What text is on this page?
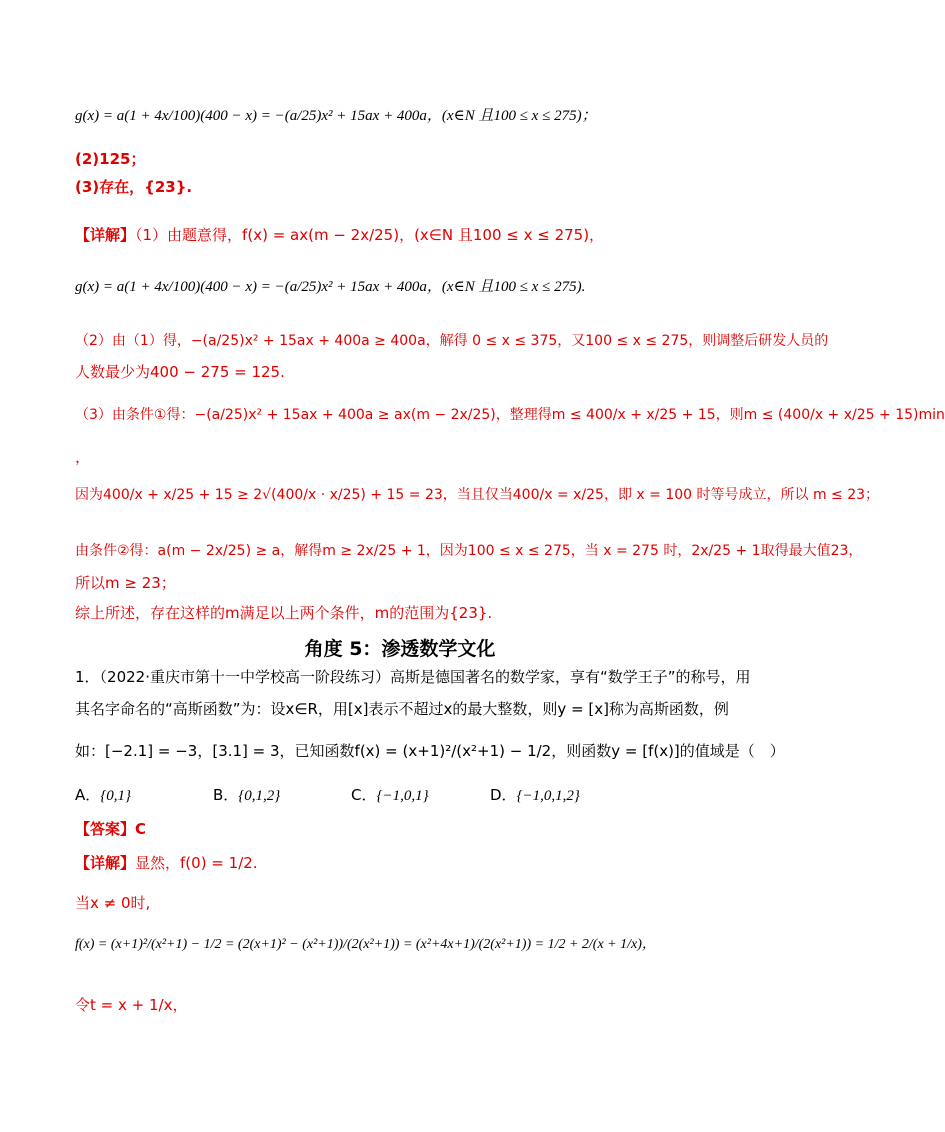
g(x) = a(1 + 4x/100)(400 − x) = −(a/25)x² + 15ax + 400a，(x∈N 且100 ≤ x ≤ 275)；
(2)125；
(3)存在，{23}.
【详解】（1）由题意得，f(x) = ax(m − 2x/25)，(x∈N 且100 ≤ x ≤ 275)，
g(x) = a(1 + 4x/100)(400 − x) = −(a/25)x² + 15ax + 400a，(x∈N 且100 ≤ x ≤ 275).
（2）由（1）得，−(a/25)x² + 15ax + 400a ≥ 400a，解得 0 ≤ x ≤ 375，又100 ≤ x ≤ 275，则调整后研发人员的
人数最少为400 − 275 = 125.
（3）由条件①得：−(a/25)x² + 15ax + 400a ≥ ax(m − 2x/25)，整理得m ≤ 400/x + x/25 + 15，则m ≤ (400/x + x/25 + 15)min
，
因为400/x + x/25 + 15 ≥ 2√(400/x · x/25) + 15 = 23，当且仅当400/x = x/25，即 x = 100 时等号成立，所以 m ≤ 23；
由条件②得：a(m − 2x/25) ≥ a，解得m ≥ 2x/25 + 1，因为100 ≤ x ≤ 275，当 x = 275 时，2x/25 + 1取得最大值23，
所以m ≥ 23；
综上所述，存在这样的m满足以上两个条件，m的范围为{23}.
角度 5：渗透数学文化
1．（2022·重庆市第十一中学校高一阶段练习）高斯是德国著名的数学家，享有“数学王子”的称号，用
其名字命名的“高斯函数”为：设x∈R，用[x]表示不超过x的最大整数，则y = [x]称为高斯函数，例
如：[−2.1] = −3，[3.1] = 3，已知函数f(x) = (x+1)²/(x²+1) − 1/2，则函数y = [f(x)]的值域是（　）
A．{0,1}	B．{0,1,2}	C．{−1,0,1}	D．{−1,0,1,2}
【答案】C
【详解】显然，f(0) = 1/2.
当x ≠ 0时,
f(x) = (x+1)²/(x²+1) − 1/2 = (2(x+1)² − (x²+1))/(2(x²+1)) = (x²+4x+1)/(2(x²+1)) = 1/2 + 2/(x + 1/x)，
令t = x + 1/x，
